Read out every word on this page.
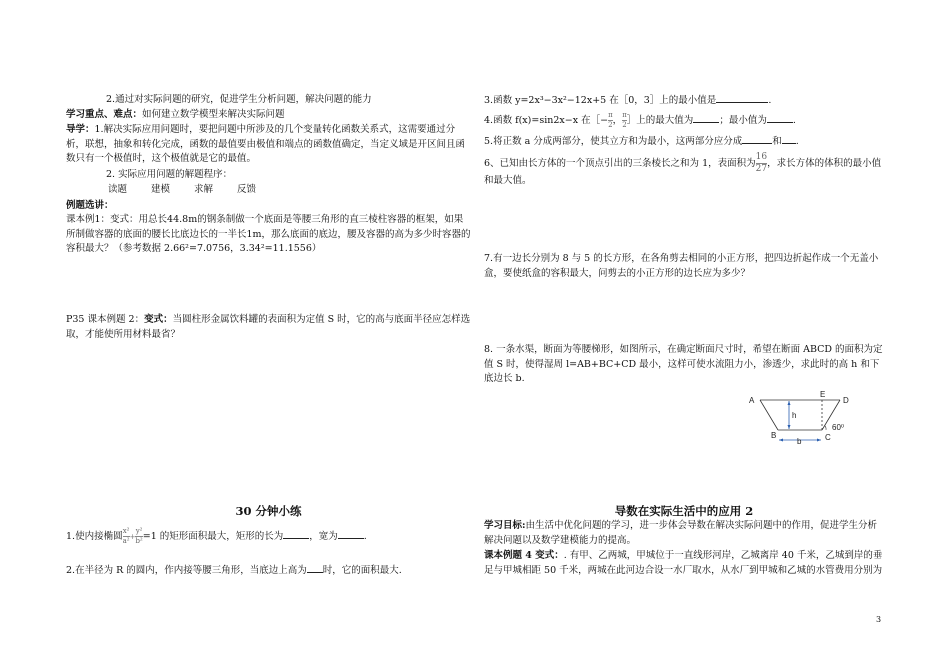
2.通过对实际问题的研究，促进学生分析问题，解决问题的能力

学习重点、难点：如何建立数学模型来解决实际问题

导学：1.解决实际应用问题时，要把问题中所涉及的几个变量转化函数关系式，这需要通过分析，联想，抽象和转化完成，函数的最值要由极值和端点的函数值确定，当定义域是开区间且函数只有一个极值时，这个极值就是它的最值。

2. 实际应用问题的解题程序：

读题	建模	求解	反馈

例题选讲：

课本例1：变式：用总长44.8m的钢条制做一个底面是等腰三角形的直三棱柱容器的框架，如果所制做容器的底面的腰长比底边长的一半长1m，那么底面的底边，腰及容器的高为多少时容器的容积最大？（参考数据 2.66²=7.0756，3.34²=11.1556）

P35 课本例题 2：变式：当圆柱形金属饮料罐的表面积为定值 S 时，它的高与底面半径应怎样选取，才能使所用材料最省？

30 分钟小练

1.使内接椭圆 $\frac{\text{x²}}{\text{a²}} + \frac{\text{y²}}{\text{b²}} =1$ 的矩形面积最大，矩形的长为	，宽为	.

2.在半径为 R 的圆内，作内接等腰三角形，当底边上高为 时，它的面积最大.

3.函数 y=2x³−3x²−12x+5 在［0，3］上的最小值是	.

4.函数 f(x)=sin2x−x 在［− $\frac{\pi}{2}$ ， $\frac{\pi}{2}$ ］上的最大值为	；最小值为	.

5.将正数 a 分成两部分，使其立方和为最小，这两部分应分成	和 .

6、已知由长方体的一个顶点引出的三条棱长之和为 1，表面积为 $\frac{16}{27}$ ，求长方体的体积的最小值和最大值。

7.有一边长分别为 8 与 5 的长方形，在各角剪去相同的小正方形，把四边折起作成一个无盖小盒，要使纸盒的容积最大，问剪去的小正方形的边长应为多少？

8. 一条水渠，断面为等腰梯形，如图所示，在确定断面尺寸时，希望在断面 ABCD 的面积为定值 S 时，使得湿周 l=AB+BC+CD 最小，这样可使水流阻力小，渗透少，求此时的高 h 和下底边长 b.

A
B	C
D
E
h
b
60⁰

导数在实际生活中的应用 2

学习目标:由生活中优化问题的学习，进一步体会导数在解决实际问题中的作用，促进学生分析解决问题以及数学建模能力的提高。

课本例题 4 变式：. 有甲、乙两城，甲城位于一直线形河岸，乙城离岸 40 千米，乙城到岸的垂足与甲城相距 50 千米，两城在此河边合设一水厂取水，从水厂到甲城和乙城的水管费用分别为

3
